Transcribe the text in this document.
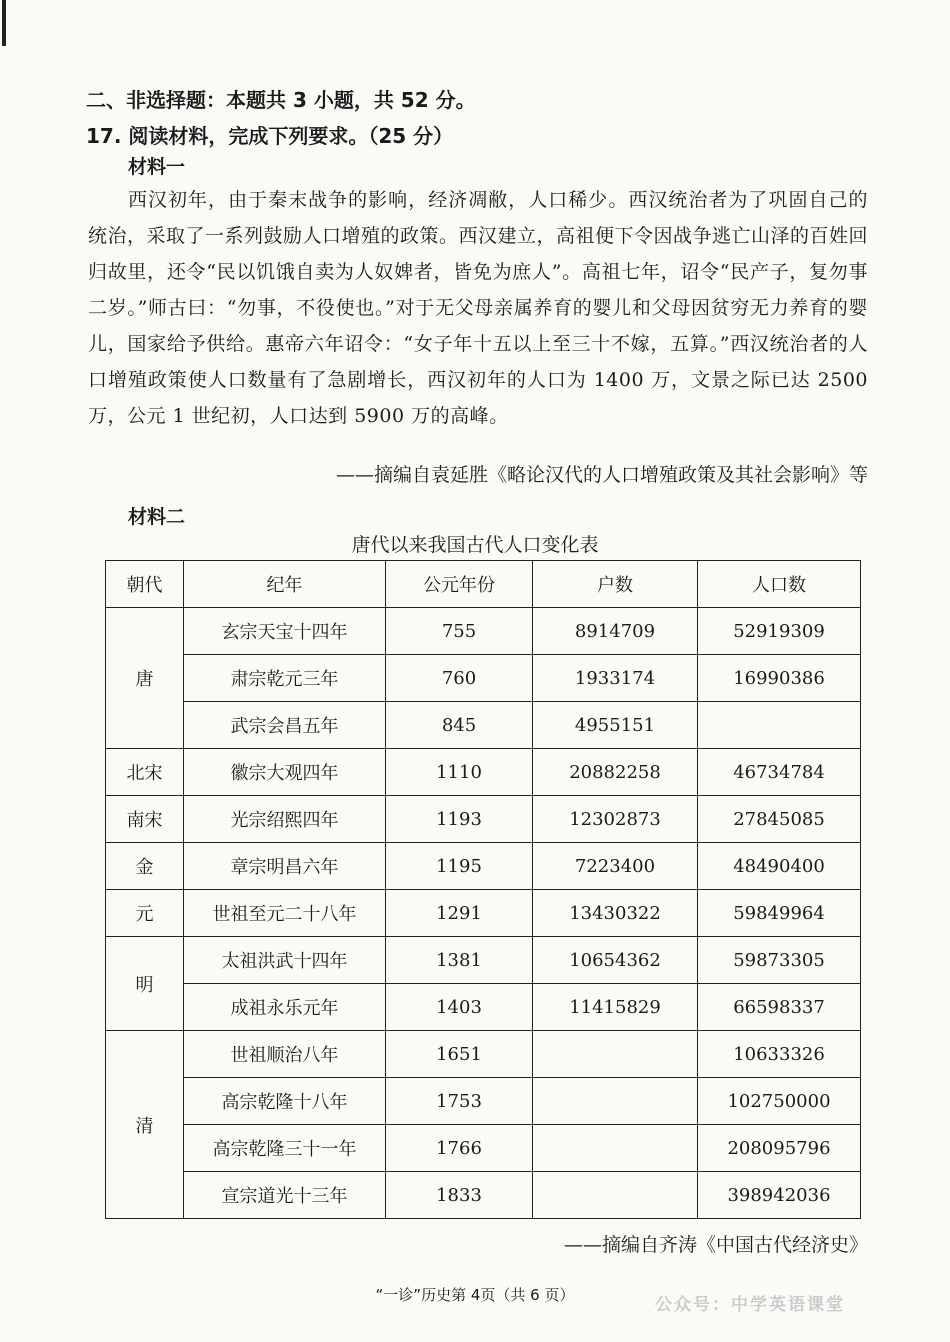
二、非选择题：本题共 3 小题，共 52 分。
17. 阅读材料，完成下列要求。（25 分）
材料一
西汉初年，由于秦末战争的影响，经济凋敝，人口稀少。西汉统治者为了巩固自己的统治，采取了一系列鼓励人口增殖的政策。西汉建立，高祖便下令因战争逃亡山泽的百姓回归故里，还令“民以饥饿自卖为人奴婢者，皆免为庶人”。高祖七年，诏令“民产子，复勿事二岁。”师古曰：“勿事，不役使也。”对于无父母亲属养育的婴儿和父母因贫穷无力养育的婴儿，国家给予供给。惠帝六年诏令：“女子年十五以上至三十不嫁，五算。”西汉统治者的人口增殖政策使人口数量有了急剧增长，西汉初年的人口为 1400 万，文景之际已达 2500 万，公元 1 世纪初，人口达到 5900 万的高峰。
——摘编自袁延胜《略论汉代的人口增殖政策及其社会影响》等
材料二
唐代以来我国古代人口变化表
朝代	纪年	公元年份	户数	人口数
唐	玄宗天宝十四年	755	8914709	52919309
	肃宗乾元三年	760	1933174	16990386
	武宗会昌五年	845	4955151	
北宋	徽宗大观四年	1110	20882258	46734784
南宋	光宗绍熙四年	1193	12302873	27845085
金	章宗明昌六年	1195	7223400	48490400
元	世祖至元二十八年	1291	13430322	59849964
明	太祖洪武十四年	1381	10654362	59873305
	成祖永乐元年	1403	11415829	66598337
清	世祖顺治八年	1651		10633326
	高宗乾隆十八年	1753		102750000
	高宗乾隆三十一年	1766		208095796
	宣宗道光十三年	1833		398942036
——摘编自齐涛《中国古代经济史》
“一诊”历史第 4页（共 6 页）	公众号：中学英语课堂
